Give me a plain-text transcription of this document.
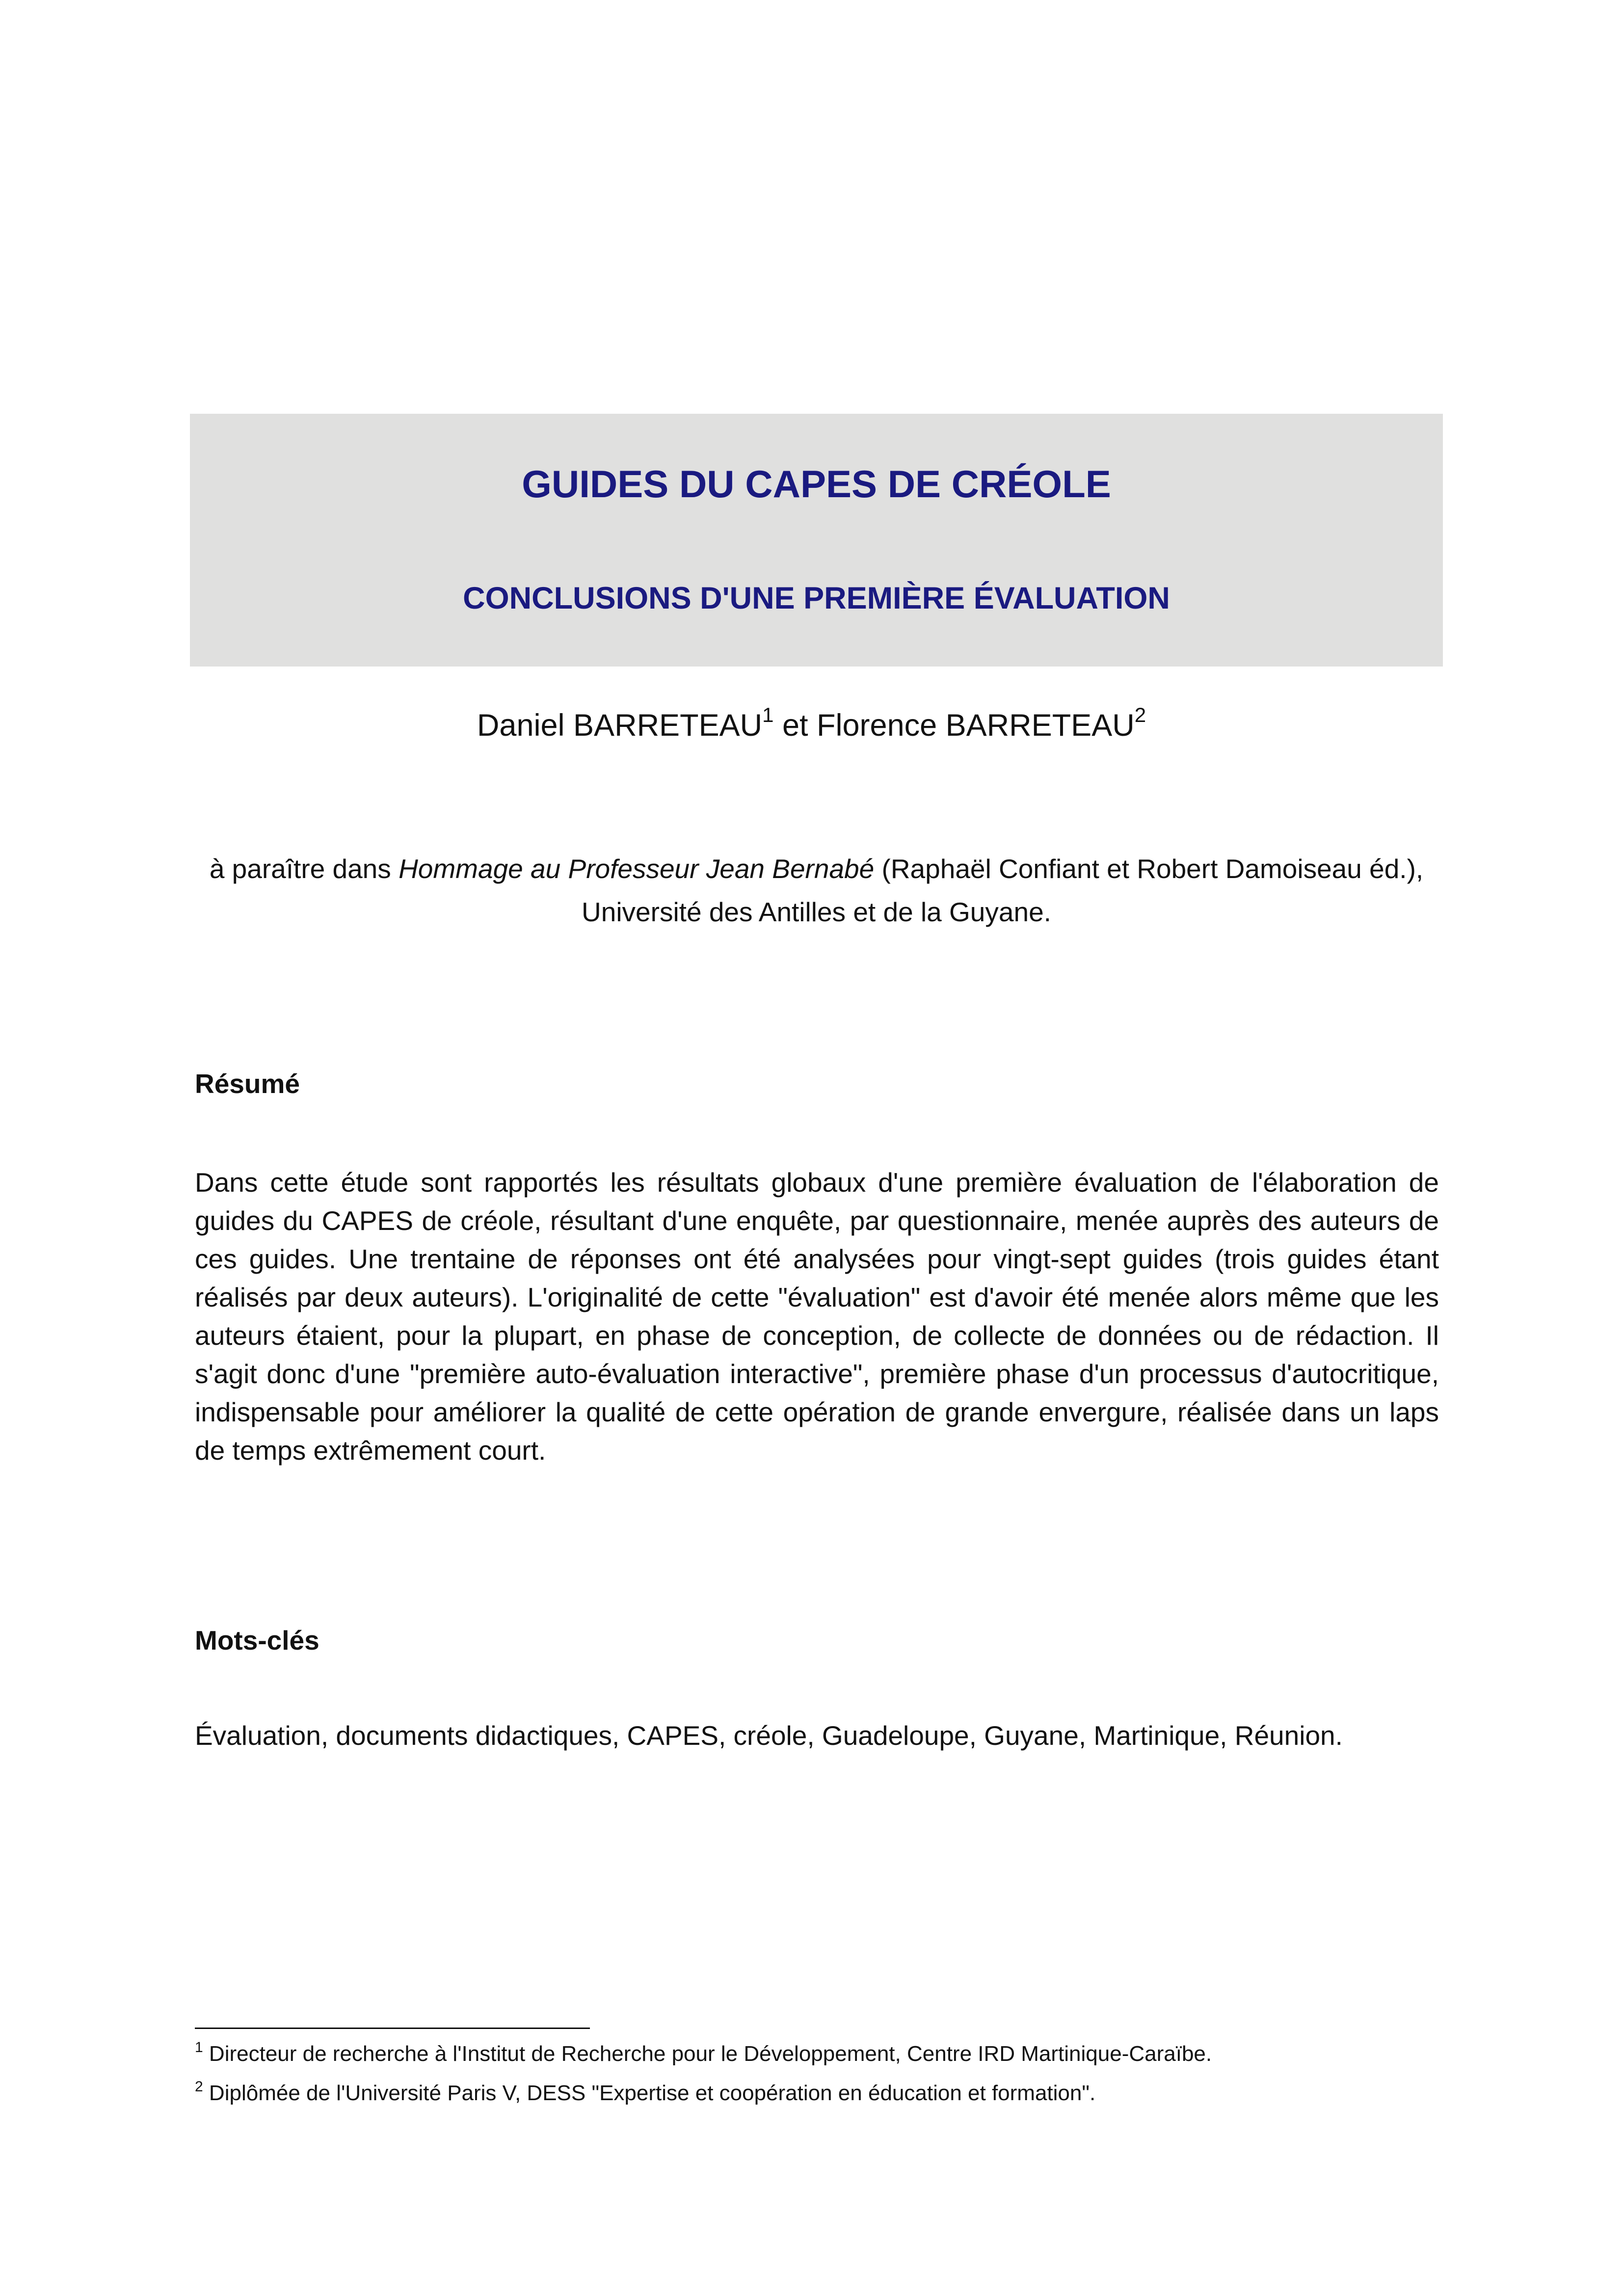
GUIDES DU CAPES DE CRÉOLE
CONCLUSIONS D'UNE PREMIÈRE ÉVALUATION
Daniel BARRETEAU$^1$ et Florence BARRETEAU$^2$
à paraître dans Hommage au Professeur Jean Bernabé (Raphaël Confiant et Robert Damoiseau éd.),
Université des Antilles et de la Guyane.
Résumé

Dans cette étude sont rapportés les résultats globaux d'une première évaluation de l'élaboration de guides du CAPES de créole, résultant d'une enquête, par questionnaire, menée auprès des auteurs de ces guides. Une trentaine de réponses ont été analysées pour vingt-sept guides (trois guides étant réalisés par deux auteurs). L'originalité de cette "évaluation" est d'avoir été menée alors même que les auteurs étaient, pour la plupart, en phase de conception, de collecte de données ou de rédaction. Il s'agit donc d'une "première auto-évaluation interactive", première phase d'un processus d'autocritique, indispensable pour améliorer la qualité de cette opération de grande envergure, réalisée dans un laps de temps extrêmement court.

Mots-clés
Évaluation, documents didactiques, CAPES, créole, Guadeloupe, Guyane, Martinique, Réunion.
$^1$ Directeur de recherche à l'Institut de Recherche pour le Développement, Centre IRD Martinique-Caraïbe.
$^2$ Diplômée de l'Université Paris V, DESS "Expertise et coopération en éducation et formation".
